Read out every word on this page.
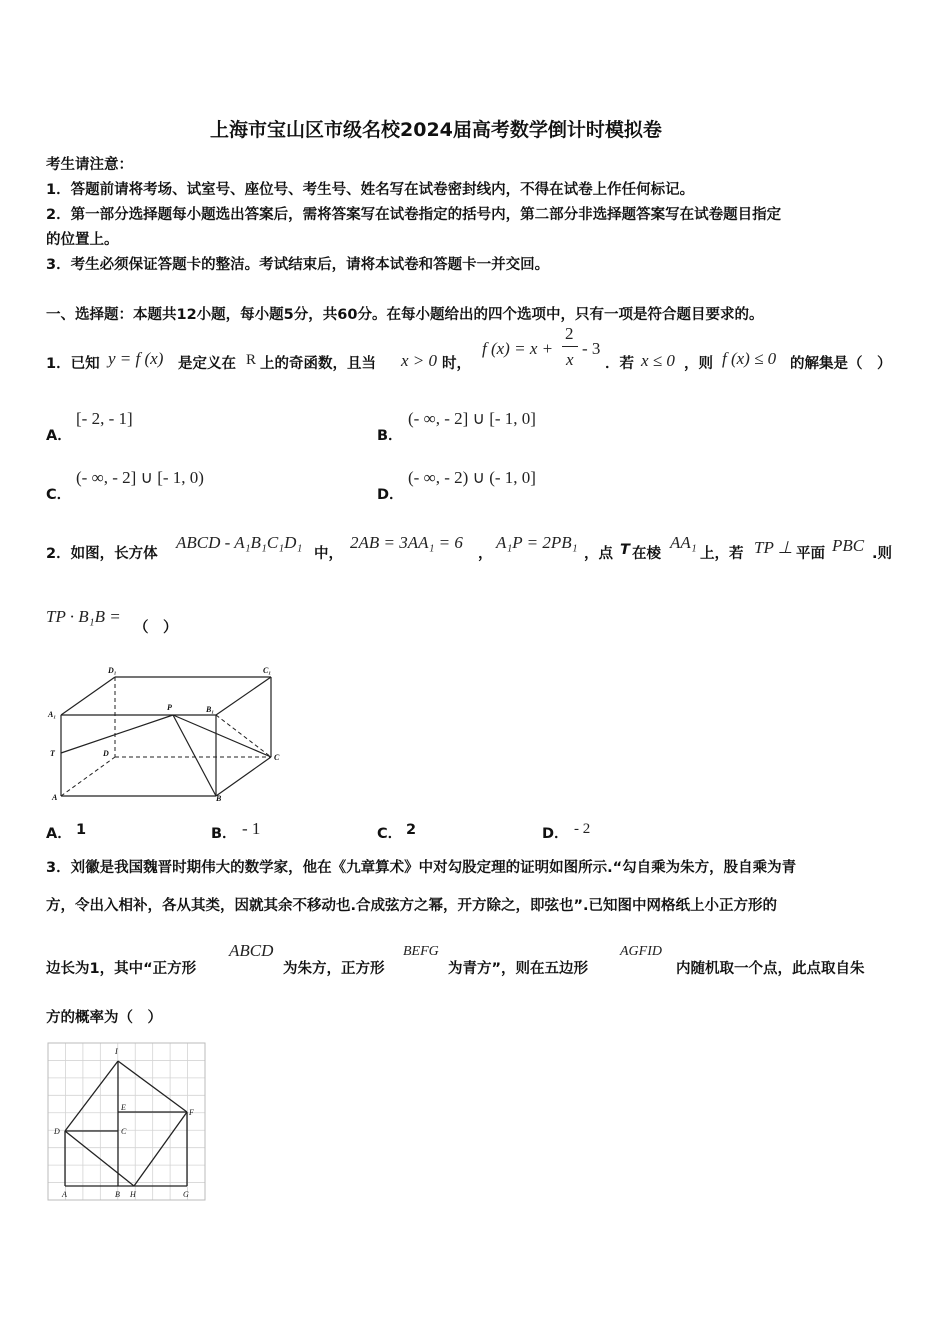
上海市宝山区市级名校2024届高考数学倒计时模拟卷
考生请注意：
1．答题前请将考场、试室号、座位号、考生号、姓名写在试卷密封线内，不得在试卷上作任何标记。
2．第一部分选择题每小题选出答案后，需将答案写在试卷指定的括号内，第二部分非选择题答案写在试卷题目指定
的位置上。
3．考生必须保证答题卡的整洁。考试结束后，请将本试卷和答题卡一并交回。
一、选择题：本题共12小题，每小题5分，共60分。在每小题给出的四个选项中，只有一项是符合题目要求的。
1．已知 y = f (x) 是定义在 R 上的奇函数，且当 x > 0 时，
f (x) = x +
2
x
- 3
．若 x ≤ 0 ，则 f (x) ≤ 0 的解集是（　）
A．
[- 2, - 1]
B．
(- ∞, - 2] ∪ [- 1, 0]
C．
(- ∞, - 2] ∪ [- 1, 0)
D．
(- ∞, - 2) ∪ (- 1, 0]
2．如图，长方体
ABCD - A₁B₁C₁D₁
中，
2AB = 3AA₁ = 6
，
A₁P = 2PB₁
，点 T 在棱
AA₁
上，若 TP ⊥ 平面 PBC .则
TP · B₁B =
（　）
D₁	C₁
A₁
P	B₁
T	D	C
A	B
A． 1	B． - 1	C． 2	D． - 2
3．刘徽是我国魏晋时期伟大的数学家，他在《九章算术》中对勾股定理的证明如图所示.“勾自乘为朱方，股自乘为青
方，令出入相补，各从其类，因就其余不移动也.合成弦方之幂，开方除之，即弦也”.已知图中网格纸上小正方形的
边长为1，其中“正方形
ABCD
为朱方，正方形
BEFG
为青方”，则在五边形
AGFID
内随机取一个点，此点取自朱
方的概率为（　）
I
E
F
D	C
A	B H	G
